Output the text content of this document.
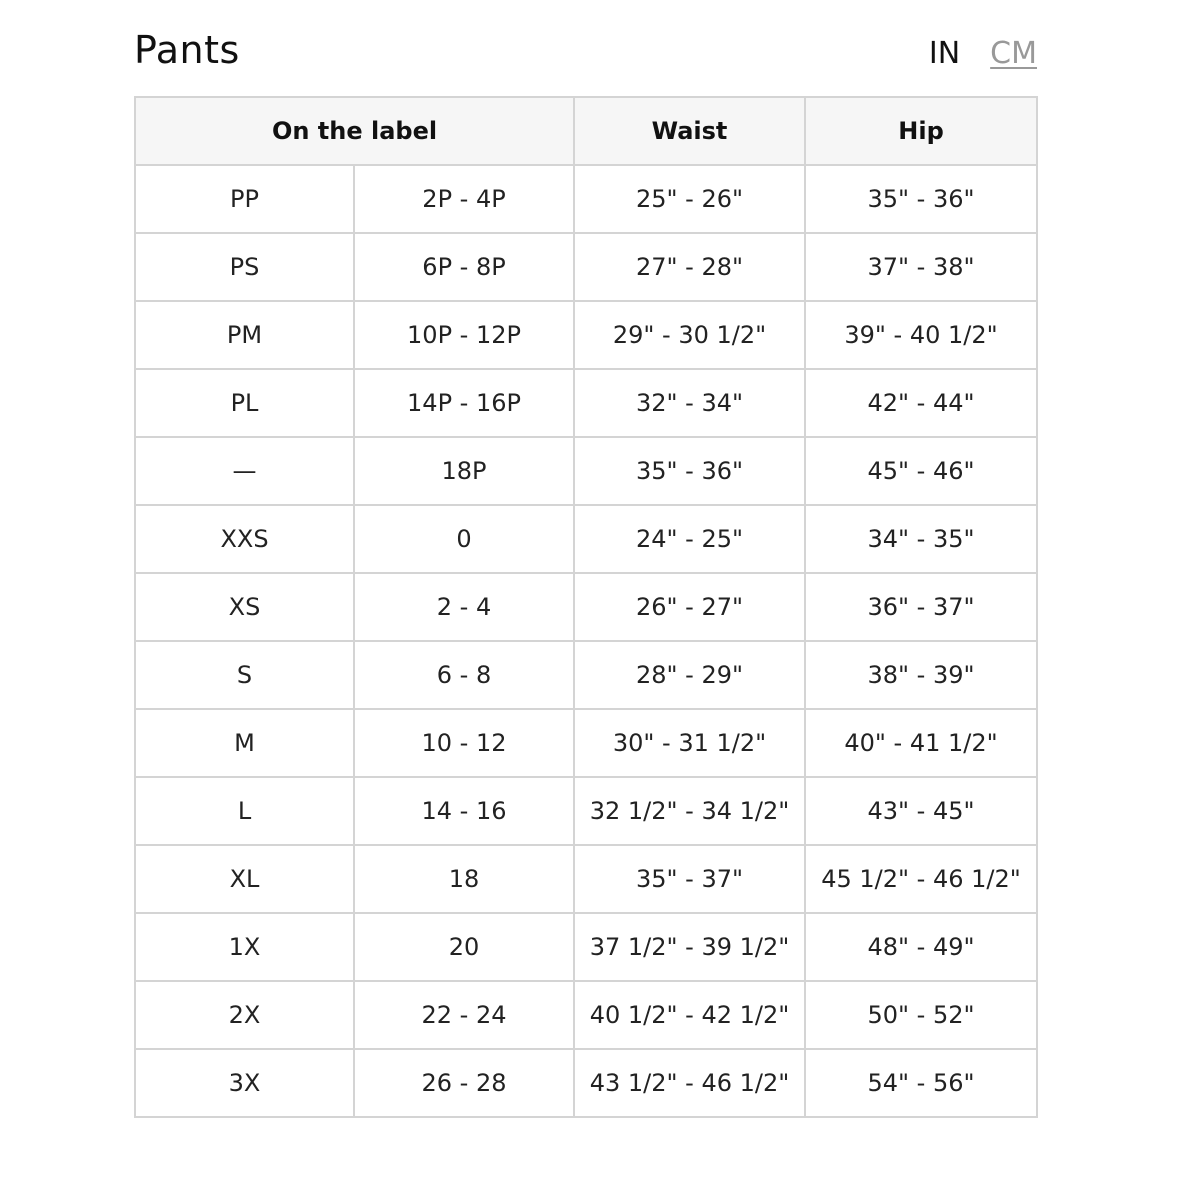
Pants	IN CM
On the label		Waist	Hip
PP	2P - 4P	25" - 26"	35" - 36"
PS	6P - 8P	27" - 28"	37" - 38"
PM	10P - 12P	29" - 30 1/2"	39" - 40 1/2"
PL	14P - 16P	32" - 34"	42" - 44"
—	18P	35" - 36"	45" - 46"
XXS	0	24" - 25"	34" - 35"
XS	2 - 4	26" - 27"	36" - 37"
S	6 - 8	28" - 29"	38" - 39"
M	10 - 12	30" - 31 1/2"	40" - 41 1/2"
L	14 - 16	32 1/2" - 34 1/2"	43" - 45"
XL	18	35" - 37"	45 1/2" - 46 1/2"
1X	20	37 1/2" - 39 1/2"	48" - 49"
2X	22 - 24	40 1/2" - 42 1/2"	50" - 52"
3X	26 - 28	43 1/2" - 46 1/2"	54" - 56"
